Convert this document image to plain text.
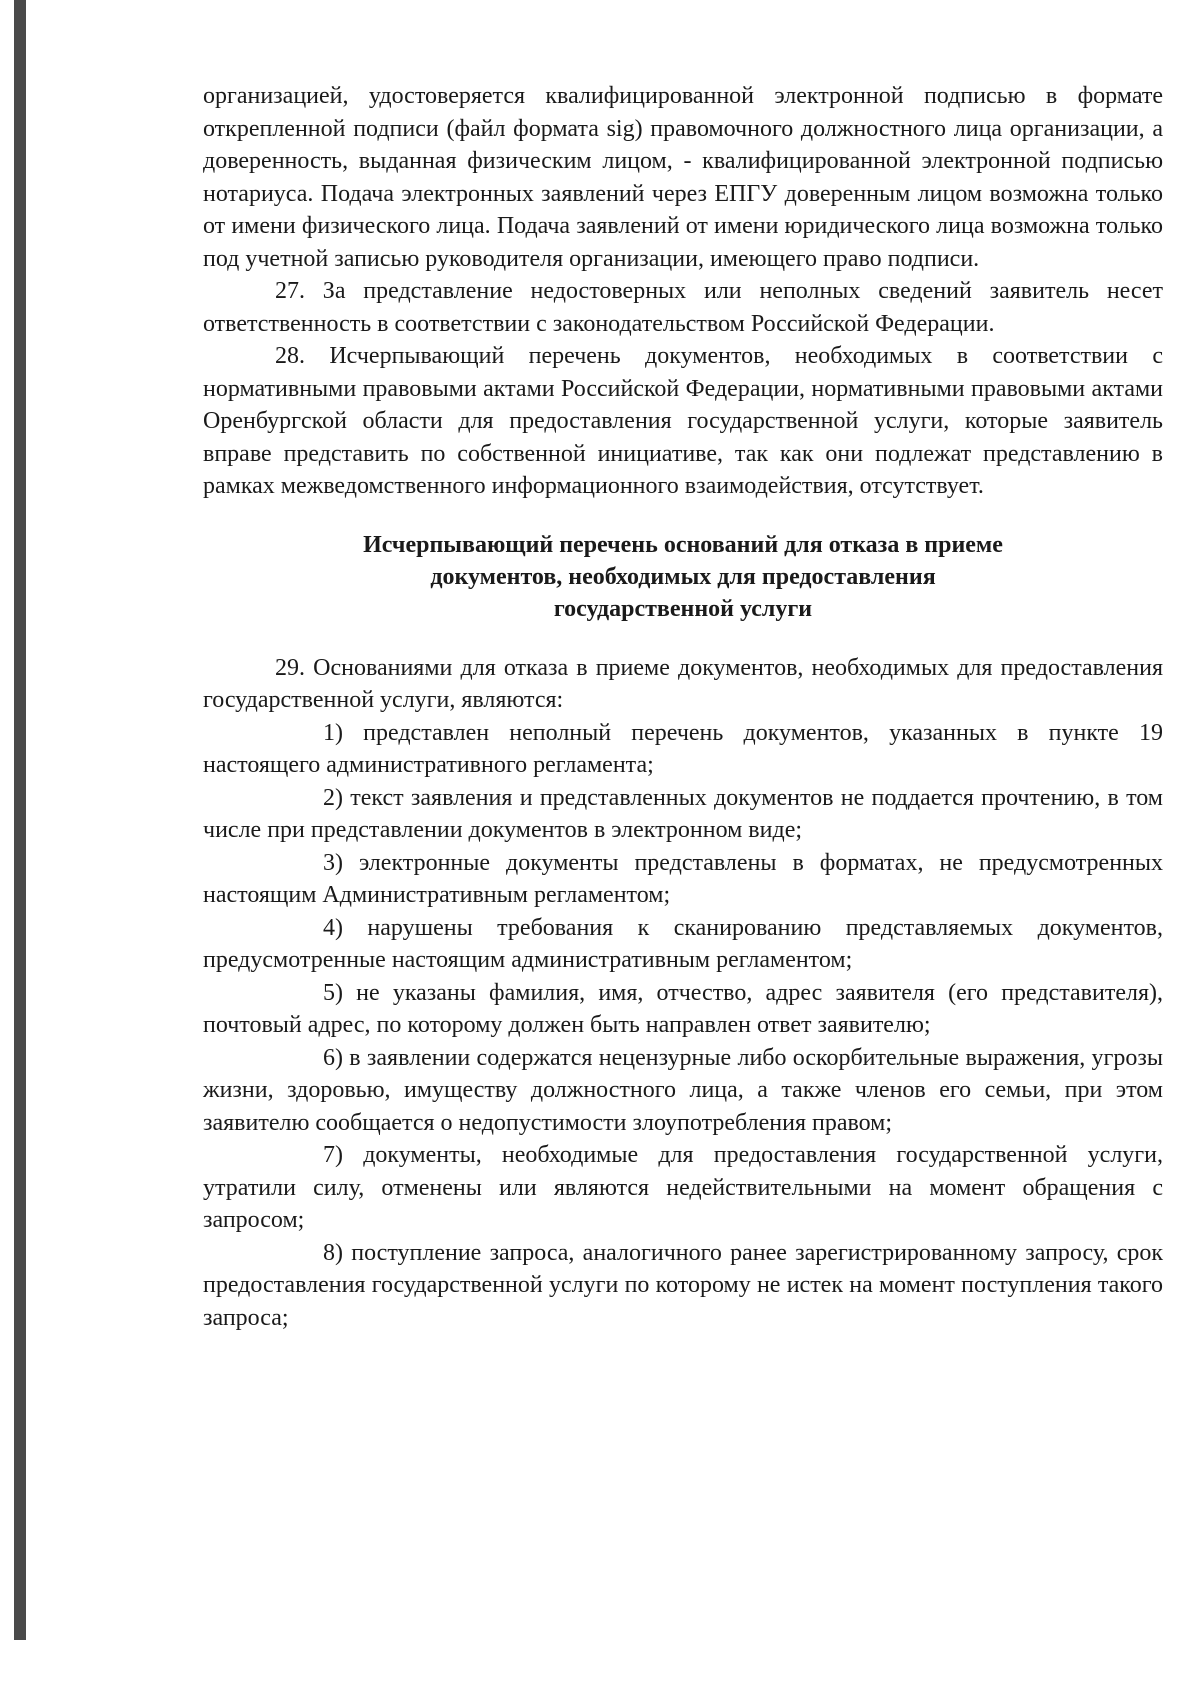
организацией, удостоверяется квалифицированной электронной подписью в формате открепленной подписи (файл формата sig) правомочного должностного лица организации, а доверенность, выданная физическим лицом, - квалифицированной электронной подписью нотариуса. Подача электронных заявлений через ЕПГУ доверенным лицом возможна только от имени физического лица. Подача заявлений от имени юридического лица возможна только под учетной записью руководителя организации, имеющего право подписи.

27. За представление недостоверных или неполных сведений заявитель несет ответственность в соответствии с законодательством Российской Федерации.

28. Исчерпывающий перечень документов, необходимых в соответствии с нормативными правовыми актами Российской Федерации, нормативными правовыми актами Оренбургской области для предоставления государственной услуги, которые заявитель вправе представить по собственной инициативе, так как они подлежат представлению в рамках межведомственного информационного взаимодействия, отсутствует.

Исчерпывающий перечень оснований для отказа в приеме
документов, необходимых для предоставления
государственной услуги

29. Основаниями для отказа в приеме документов, необходимых для предоставления государственной услуги, являются:

1) представлен неполный перечень документов, указанных в пункте 19 настоящего административного регламента;

2) текст заявления и представленных документов не поддается прочтению, в том числе при представлении документов в электронном виде;

3) электронные документы представлены в форматах, не предусмотренных настоящим Административным регламентом;

4) нарушены требования к сканированию представляемых документов, предусмотренные настоящим административным регламентом;

5) не указаны фамилия, имя, отчество, адрес заявителя (его представителя), почтовый адрес, по которому должен быть направлен ответ заявителю;

6) в заявлении содержатся нецензурные либо оскорбительные выражения, угрозы жизни, здоровью, имуществу должностного лица, а также членов его семьи, при этом заявителю сообщается о недопустимости злоупотребления правом;

7) документы, необходимые для предоставления государственной услуги, утратили силу, отменены или являются недействительными на момент обращения с запросом;

8) поступление запроса, аналогичного ранее зарегистрированному запросу, срок предоставления государственной услуги по которому не истек на момент поступления такого запроса;
